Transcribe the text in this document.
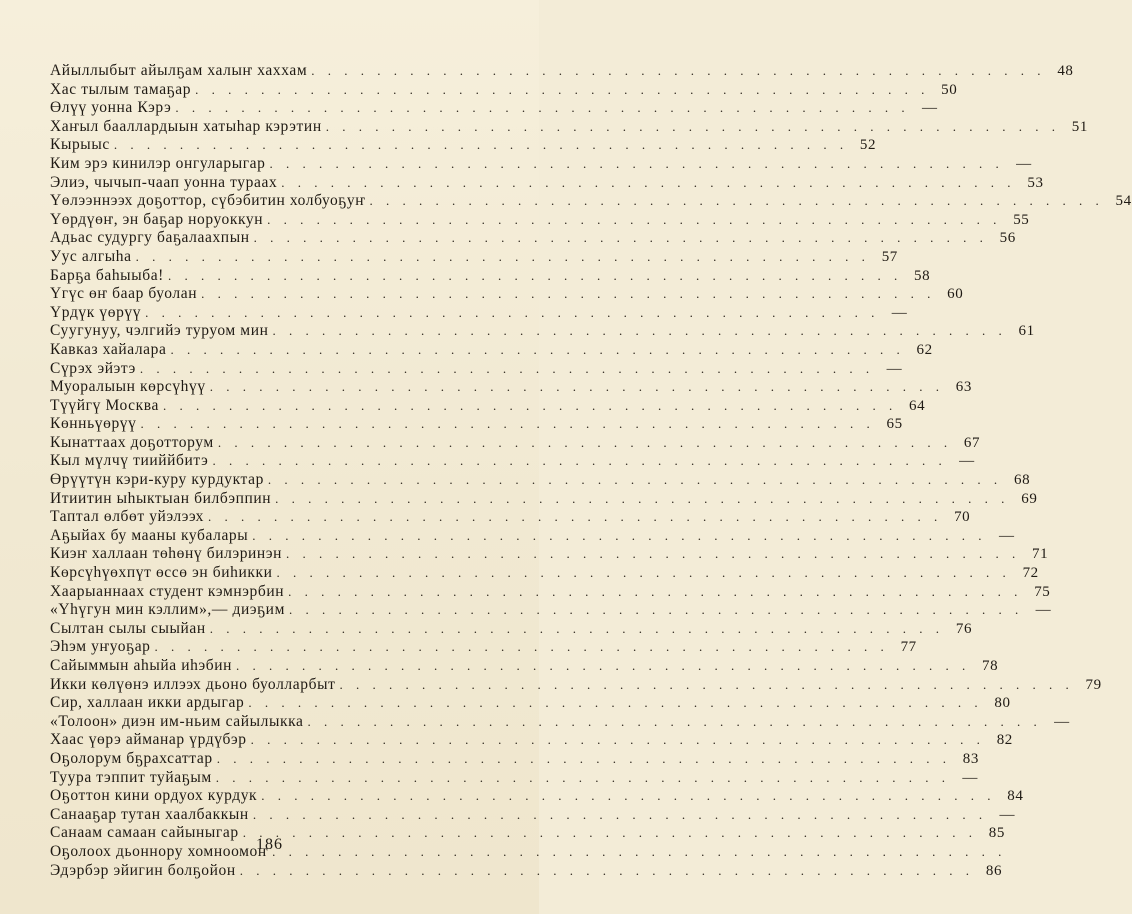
Айыллыбыт айылҕам халыҥ хаххам . . .	48
Хас тылым тамаҕар . . .	50
Өлүү уонна Кэрэ . . .	—
Хаҥыл бааллардыын хатыһар кэрэтин . . .	51
Кырыыс . . .	52
Ким эрэ кинилэр онгуларыгар . . .	—
Элиэ, чычып-чаап уонна тураах . . .	53
Үөлээннээх доҕоттор, сүбэбитин холбуоҕуҥ . . .	54
Үөрдүөҥ, эн баҕар норуоккун . . .	55
Адьас судургу баҕалаахпын . . .	56
Уус алгыһа . . .	57
Барҕа баһыыба! . . .	58
Үгүс өҥ баар буолан . . .	60
Үрдүк үөрүү . . .	—
Суугунуу, чэлгийэ туруом мин . . .	61
Кавказ хайалара . . .	62
Сүрэх эйэтэ . . .	—
Муоралыын көрсүһүү . . .	63
Түүйгү Москва . . .	64
Көнньүөрүү . . .	65
Кынаттаах доҕотторум . . .	67
Кыл мүлчү тииййбитэ . . .	—
Өрүүтүн кэри-куру курдуктар . . .	68
Итиитин ыһыктыан билбэппин . . .	69
Таптал өлбөт уйэлээх . . .	70
Аҕыйах бу мааны кубалары . . .	—
Киэҥ халлаан төһөнү билэринэн . . .	71
Көрсүһүөхпүт өссө эн биһикки . . .	72
Хаарыаннаах студент кэмнэрбин . . .	75
«Үһүгун мин кэллим»,— диэҕим . . .	—
Сылтан сылы сыыйан . . .	76
Эһэм уҥуоҕар . . .	77
Сайыммын аһыйа иһэбин . . .	78
Икки көлүөнэ иллээх дьоно буолларбыт . . .	79
Сир, халлаан икки ардыгар . . .	80
«Толоон» диэн им-ньим сайылыкка . . .	—
Хаас үөрэ айманар үрдүбэр . . .	82
Оҕолорум бҕрахсаттар . . .	83
Туура тэппит туйаҕым . . .	—
Оҕоттон кини ордуох курдук . . .	84
Санааҕар тутан хаалбаккын . . .	—
Санаам самаан сайыныгар . . .	85
Оҕолоох дьоннору хомноомоҥ
. . .
Эдэрбэр эйигин болҕойон . . .	86
186
